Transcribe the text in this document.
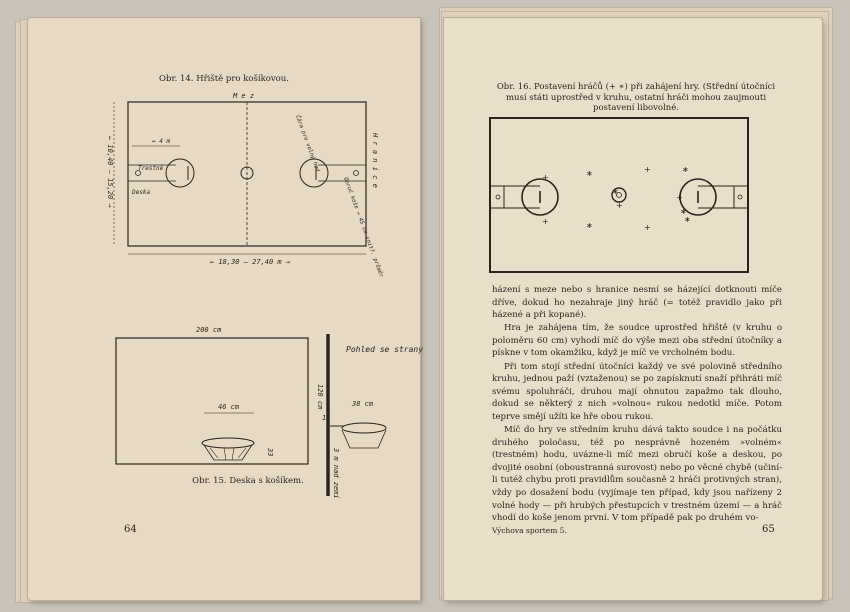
Obr. 14. Hřiště pro košíkovou.
M e z
H r a n i c e
← 18,30 – 27,40 m →
← 10,40 – 15,20 →	Trestné
Deska
↔ 4 m	Čára pro volný hod
Obruč koše ↔ 45 cm vnitř. průměr
Obr. 15. Deska s košíkem.
200 cm
120 cm
46 cm
33
Pohled se strany
38 cm
15
3 m nad zemí
64
Obr. 16. Postavení hráčů (+ ∗) při zahájení hry. (Střední útočníci musí státi uprostřed v kruhu, ostatní hráči mohou zaujmouti postavení libovolné.
+
+
∗	+
∗	+
∗
+
∗
+
∗
∗

házení s meze nebo s hranice nesmí se házející dotknouti míče dříve, dokud ho nezahraje jiný hráč (= totéž pravidlo jako při házené a při kopané).

Hra je zahájena tím, že soudce uprostřed hřiště (v kruhu o poloměru 60 cm) vyhodí míč do výše mezi oba střední útočníky a pískne v tom okamžiku, když je míč ve vrcholném bodu.

Při tom stojí střední útočníci každý ve své polovině středního kruhu, jednou paží (vztaženou) se po zapísknutí snaží přihráti míč svému spoluhráči, druhou mají ohnutou zapažmo tak dlouho, dokud se některý z nich »volnou« rukou nedotkl míče. Potom teprve smějí užíti ke hře obou rukou.

Míč do hry ve středním kruhu dává takto soudce i na počátku druhého poločasu, též po nesprávně hozeném »volném« (trestném) hodu, uvázne-li míč mezi obručí koše a deskou, po dvojité osobní (oboustranná surovost) nebo po věcné chybě (učiní-li tutéž chybu proti pravidlům současně 2 hráči protivných stran), vždy po dosažení bodu (vyjímaje ten případ, kdy jsou nařízeny 2 volné hody — při hrubých přestupcích v trestném území — a hráč vhodí do koše jenom první. V tom případě pak po druhém vo-

Výchova sportem 5.	65
